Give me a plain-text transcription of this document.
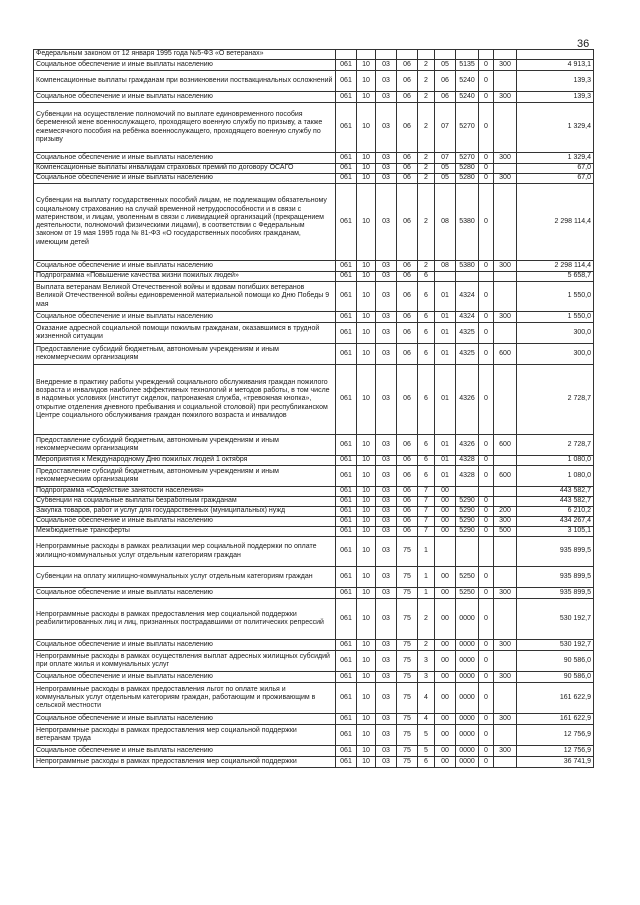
36
Федеральным законом от 12 января 1995 года №5-ФЗ «О ветеранах»										
Социальное обеспечение и иные выплаты населению	061	10	03	06	2	05	5135	0	300	4 913,1
Компенсационные выплаты гражданам при возникновении поствакцинальных осложнений	061	10	03	06	2	06	5240	0		139,3
Социальное обеспечение и иные выплаты населению	061	10	03	06	2	06	5240	0	300	139,3
Субвенции на осуществление полномочий по выплате единовременного пособия беременной жене военнослужащего, проходящего военную службу по призыву, а также ежемесячного пособия на ребёнка военнослужащего, проходящего военную службу по призыву	061	10	03	06	2	07	5270	0		1 329,4
Социальное обеспечение и иные выплаты населению	061	10	03	06	2	07	5270	0	300	1 329,4
Компенсационные выплаты инвалидам страховых премий по договору ОСАГО	061	10	03	06	2	05	5280	0		67,0
Социальное обеспечение и иные выплаты населению	061	10	03	06	2	05	5280	0	300	67,0
Субвенции на выплату государственных пособий лицам, не подлежащим обязательному социальному страхованию на случай временной нетрудоспособности и в связи с материнством, и лицам, уволенным в связи с ликвидацией организаций (прекращением деятельности, полномочий физическими лицами), в соответствии с Федеральным законом от 19 мая 1995 года № 81-ФЗ «О государственных пособиях гражданам, имеющим детей	061	10	03	06	2	08	5380	0		2 298 114,4
Социальное обеспечение и иные выплаты населению	061	10	03	06	2	08	5380	0	300	2 298 114,4
Подпрограмма «Повышение качества жизни пожилых людей»	061	10	03	06	6					5 658,7
Выплата ветеранам Великой Отечественной войны и вдовам погибших ветеранов Великой Отечественной войны единовременной материальной помощи ко Дню Победы 9 мая	061	10	03	06	6	01	4324	0		1 550,0
Социальное обеспечение и иные выплаты населению	061	10	03	06	6	01	4324	0	300	1 550,0
Оказание адресной социальной помощи пожилым гражданам, оказавшимся в трудной жизненной ситуации	061	10	03	06	6	01	4325	0		300,0
Предоставление субсидий бюджетным, автономным учреждениям и иным некоммерческим организациям	061	10	03	06	6	01	4325	0	600	300,0
Внедрение в практику работы учреждений социального обслуживания граждан пожилого возраста и инвалидов наиболее эффективных технологий и методов работы, в том числе в надомных условиях (институт сиделок, патронажная служба, «тревожная кнопка», открытие отделения дневного пребывания и социальной столовой) при республиканском Центре социального обслуживания граждан пожилого возраста и инвалидов	061	10	03	06	6	01	4326	0		2 728,7
Предоставление субсидий бюджетным, автономным учреждениям и иным некоммерческим организациям	061	10	03	06	6	01	4326	0	600	2 728,7
Мероприятия к Международному Дню пожилых людей 1 октября	061	10	03	06	6	01	4328	0		1 080,0
Предоставление субсидий бюджетным, автономным учреждениям и иным некоммерческим организациям	061	10	03	06	6	01	4328	0	600	1 080,0
Подпрограмма «Содействие занятости населения»	061	10	03	06	7	00				443 582,7
Субвенции на социальные выплаты безработным гражданам	061	10	03	06	7	00	5290	0		443 582,7
Закупка товаров, работ и услуг для государственных (муниципальных) нужд	061	10	03	06	7	00	5290	0	200	6 210,2
Социальное обеспечение и иные выплаты населению	061	10	03	06	7	00	5290	0	300	434 267,4
Межбюджетные трансферты	061	10	03	06	7	00	5290	0	500	3 105,1
Непрограммные расходы в рамках реализации мер социальной поддержки по оплате жилищно-коммунальных услуг отдельным категориям граждан	061	10	03	75	1					935 899,5
Субвенции на оплату жилищно-коммунальных услуг отдельным категориям граждан	061	10	03	75	1	00	5250	0		935 899,5
Социальное обеспечение и иные выплаты населению	061	10	03	75	1	00	5250	0	300	935 899,5
Непрограммные расходы в рамках предоставления мер социальной поддержки реабилитированных лиц и лиц, признанных пострадавшими от политических репрессий	061	10	03	75	2	00	0000	0		530 192,7
Социальное обеспечение и иные выплаты населению	061	10	03	75	2	00	0000	0	300	530 192,7
Непрограммные расходы в рамках осуществления выплат адресных жилищных субсидий при оплате жилья и коммунальных услуг	061	10	03	75	3	00	0000	0		90 586,0
Социальное обеспечение и иные выплаты населению	061	10	03	75	3	00	0000	0	300	90 586,0
Непрограммные расходы в рамках предоставления льгот по оплате жилья и коммунальных услуг отдельным категориям граждан, работающим и проживающим в сельской местности	061	10	03	75	4	00	0000	0		161 622,9
Социальное обеспечение и иные выплаты населению	061	10	03	75	4	00	0000	0	300	161 622,9
Непрограммные расходы в рамках предоставления мер социальной поддержки ветеранам труда	061	10	03	75	5	00	0000	0		12 756,9
Социальное обеспечение и иные выплаты населению	061	10	03	75	5	00	0000	0	300	12 756,9
Непрограммные расходы в рамках предоставления мер социальной поддержки	061	10	03	75	6	00	0000	0		36 741,9
